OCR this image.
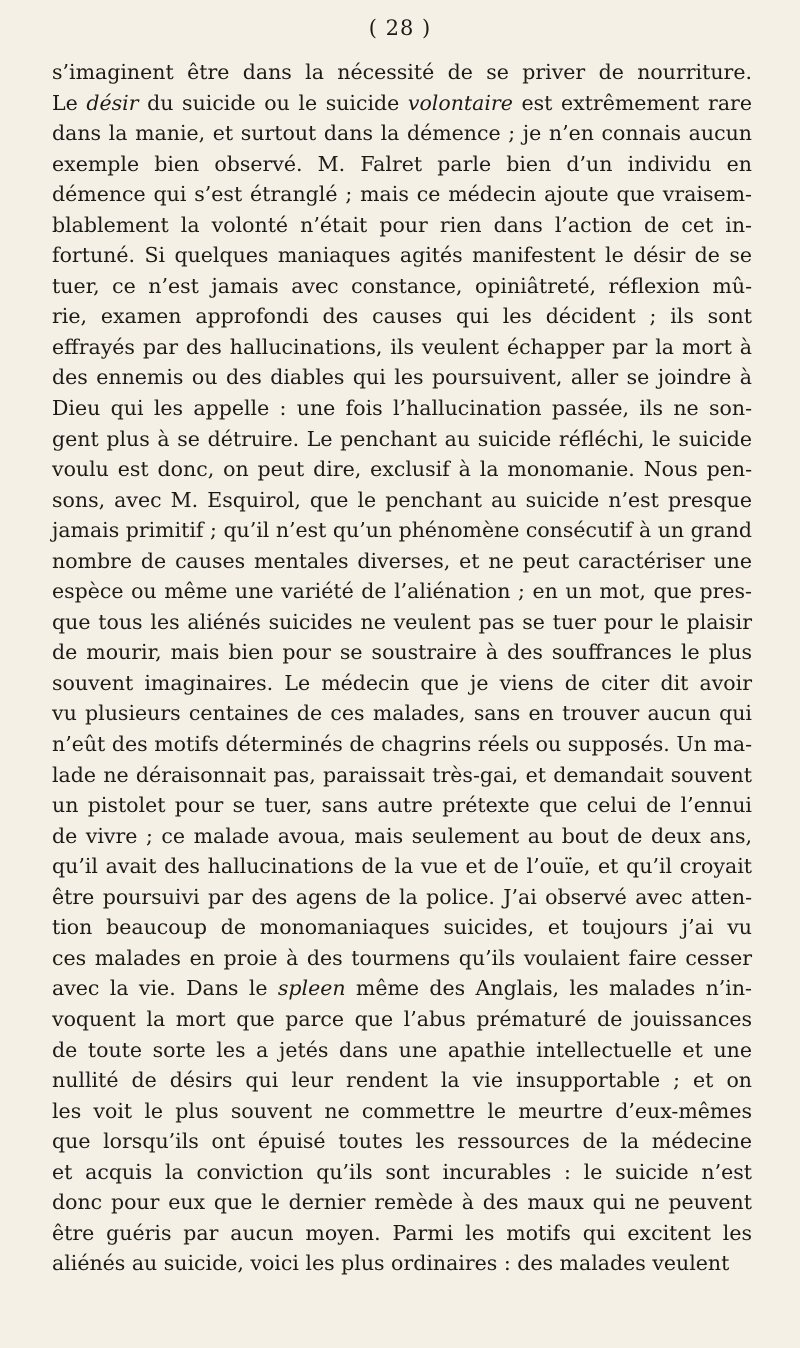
( 28 )
s’imaginent être dans la nécessité de se priver de nourriture.
Le désir du suicide ou le suicide volontaire est extrêmement rare
dans la manie, et surtout dans la démence ; je n’en connais aucun
exemple bien observé. M. Falret parle bien d’un individu en
démence qui s’est étranglé ; mais ce médecin ajoute que vraisem-
blablement la volonté n’était pour rien dans l’action de cet in-
fortuné. Si quelques maniaques agités manifestent le désir de se
tuer, ce n’est jamais avec constance, opiniâtreté, réflexion mû-
rie, examen approfondi des causes qui les décident ; ils sont
effrayés par des hallucinations, ils veulent échapper par la mort à
des ennemis ou des diables qui les poursuivent, aller se joindre à
Dieu qui les appelle : une fois l’hallucination passée, ils ne son-
gent plus à se détruire. Le penchant au suicide réfléchi, le suicide
voulu est donc, on peut dire, exclusif à la monomanie. Nous pen-
sons, avec M. Esquirol, que le penchant au suicide n’est presque
jamais primitif ; qu’il n’est qu’un phénomène consécutif à un grand
nombre de causes mentales diverses, et ne peut caractériser une
espèce ou même une variété de l’aliénation ; en un mot, que pres-
que tous les aliénés suicides ne veulent pas se tuer pour le plaisir
de mourir, mais bien pour se soustraire à des souffrances le plus
souvent imaginaires. Le médecin que je viens de citer dit avoir
vu plusieurs centaines de ces malades, sans en trouver aucun qui
n’eût des motifs déterminés de chagrins réels ou supposés. Un ma-
lade ne déraisonnait pas, paraissait très-gai, et demandait souvent
un pistolet pour se tuer, sans autre prétexte que celui de l’ennui
de vivre ; ce malade avoua, mais seulement au bout de deux ans,
qu’il avait des hallucinations de la vue et de l’ouïe, et qu’il croyait
être poursuivi par des agens de la police. J’ai observé avec atten-
tion beaucoup de monomaniaques suicides, et toujours j’ai vu
ces malades en proie à des tourmens qu’ils voulaient faire cesser
avec la vie. Dans le spleen même des Anglais, les malades n’in-
voquent la mort que parce que l’abus prématuré de jouissances
de toute sorte les a jetés dans une apathie intellectuelle et une
nullité de désirs qui leur rendent la vie insupportable ; et on
les voit le plus souvent ne commettre le meurtre d’eux-mêmes
que lorsqu’ils ont épuisé toutes les ressources de la médecine
et acquis la conviction qu’ils sont incurables : le suicide n’est
donc pour eux que le dernier remède à des maux qui ne peuvent
être guéris par aucun moyen. Parmi les motifs qui excitent les
aliénés au suicide, voici les plus ordinaires : des malades veulent
